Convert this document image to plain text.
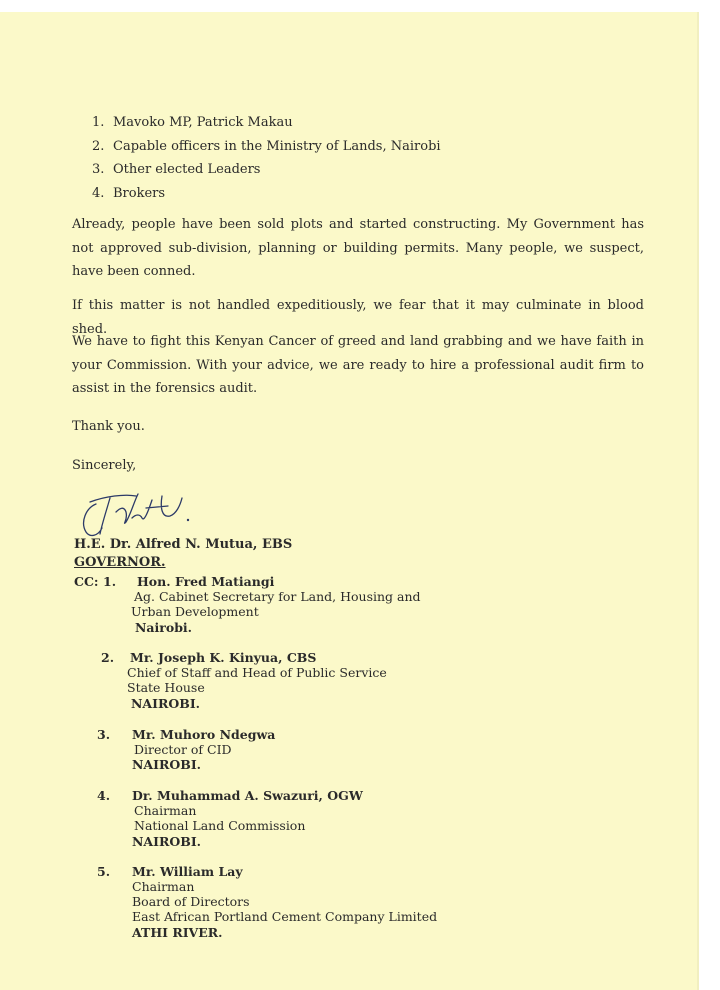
1. Mavoko MP, Patrick Makau
2. Capable officers in the Ministry of Lands, Nairobi
3. Other elected Leaders
4. Brokers

Already, people have been sold plots and started constructing. My Government has not approved sub-division, planning or building permits. Many people, we suspect, have been conned.

If this matter is not handled expeditiously, we fear that it may culminate in blood shed.

We have to fight this Kenyan Cancer of greed and land grabbing and we have faith in your Commission. With your advice, we are ready to hire a professional audit firm to assist in the forensics audit.

Thank you.

Sincerely,

H.E. Dr. Alfred N. Mutua, EBS
GOVERNOR.
CC: 1. Hon. Fred Matiangi
Ag. Cabinet Secretary for Land, Housing and
Urban Development
Nairobi.
2. Mr. Joseph K. Kinyua, CBS
Chief of Staff and Head of Public Service
State House
NAIROBI.
3. Mr. Muhoro Ndegwa
Director of CID
NAIROBI.
4. Dr. Muhammad A. Swazuri, OGW
Chairman
National Land Commission
NAIROBI.
5. Mr. William Lay
Chairman
Board of Directors
East African Portland Cement Company Limited
ATHI RIVER.
